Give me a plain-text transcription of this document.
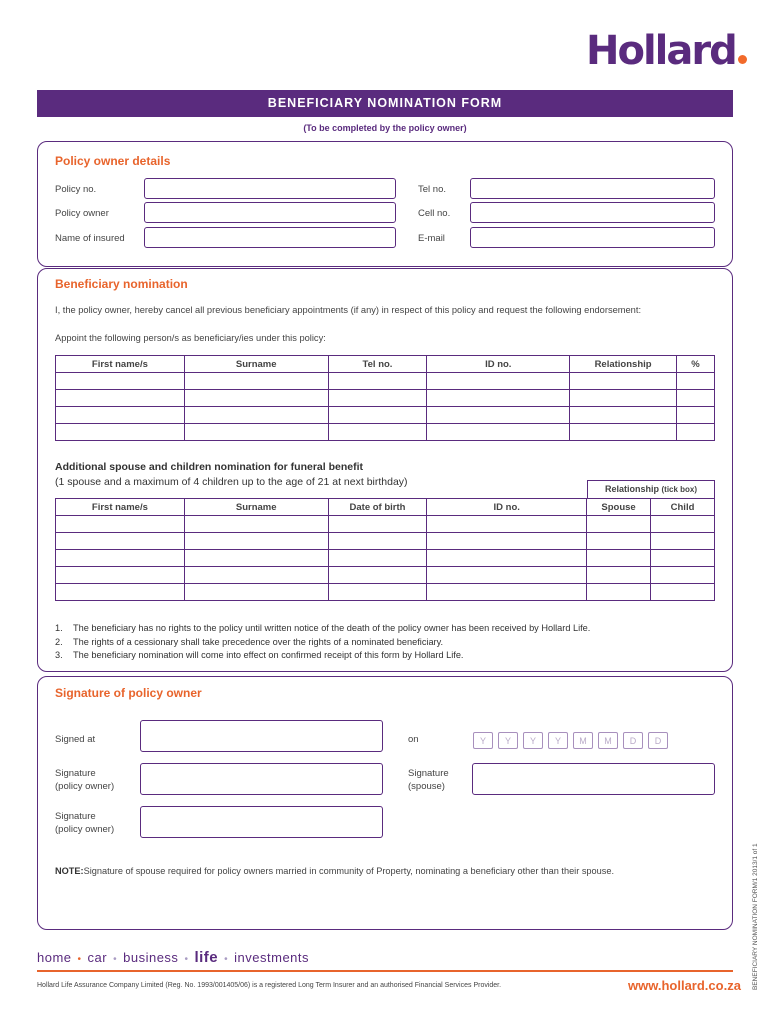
Hollard
BENEFICIARY NOMINATION FORM
(To be completed by the policy owner)
Policy owner details
Policy no.
Policy owner
Name of insured
Tel no.
Cell no.
E-mail
Beneficiary nomination
I, the policy owner, hereby cancel all previous beneficiary appointments (if any) in respect of this policy and request the following endorsement:
Appoint the following person/s as beneficiary/ies under this policy:
First name/s	Surname	Tel no.	ID no.	Relationship	%

Additional spouse and children nomination for funeral benefit
(1 spouse and a maximum of 4 children up to the age of 21 at next birthday)
Relationship (tick box)
First name/s	Surname	Date of birth	ID no.	Spouse	Child

1. The beneficiary has no rights to the policy until written notice of the death of the policy owner has been received by Hollard Life.
2. The rights of a cessionary shall take precedence over the rights of a nominated beneficiary.
3. The beneficiary nomination will come into effect on confirmed receipt of this form by Hollard Life.
Signature of policy owner
Signed at	on	Y	Y	Y	Y	M	M	D	D
Signature
(policy owner)
Signature
(spouse)
Signature
(policy owner)
NOTE:Signature of spouse required for policy owners married in community of Property, nominating a beneficiary other than their spouse.
home • car • business • life • investments
Hollard Life Assurance Company Limited (Reg. No. 1993/001405/06) is a registered Long Term Insurer and an authorised Financial Services Provider.	www.hollard.co.za BENEFICIARY NOMINATION FORM/1 2013/1 of 1
